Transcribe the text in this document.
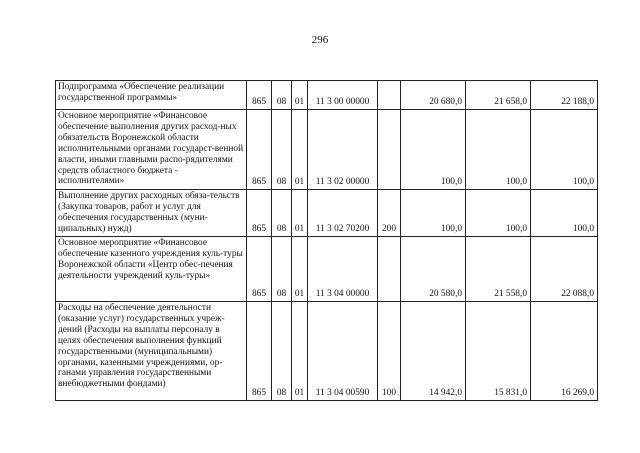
296
Подпрограмма «Обеспечение реализации государственной программы»	865	08	01	11 3 00 00000		20 680,0	21 658,0	22 188,0
Основное мероприятие «Финансовое обеспечение выполнения других расход-ных обязательств Воронежской области исполнительными органами государст-венной власти, иными главными распо-рядителями средств областного бюджета - исполнителями»	865	08	01	11 3 02 00000		100,0	100,0	100,0
Выполнение других расходных обяза-тельств (Закупка товаров, работ и услуг для обеспечения государственных (муни-ципальных) нужд)	865	08	01	11 3 02 70200	200	100,0	100,0	100,0
Основное мероприятие «Финансовое обеспечение казенного учреждения куль-туры Воронежской области «Центр обес-печения деятельности учреждений куль-туры»	865	08	01	11 3 04 00000		20 580,0	21 558,0	22 088,0
Расходы на обеспечение деятельности (оказание услуг) государственных учреж-дений (Расходы на выплаты персоналу в целях обеспечения выполнения функций государственными (муниципальными) органами, казенными учреждениями, ор-ганами управления государственными внебюджетными фондами)	865	08	01	11 3 04 00590	100	14 942,0	15 831,0	16 269,0
